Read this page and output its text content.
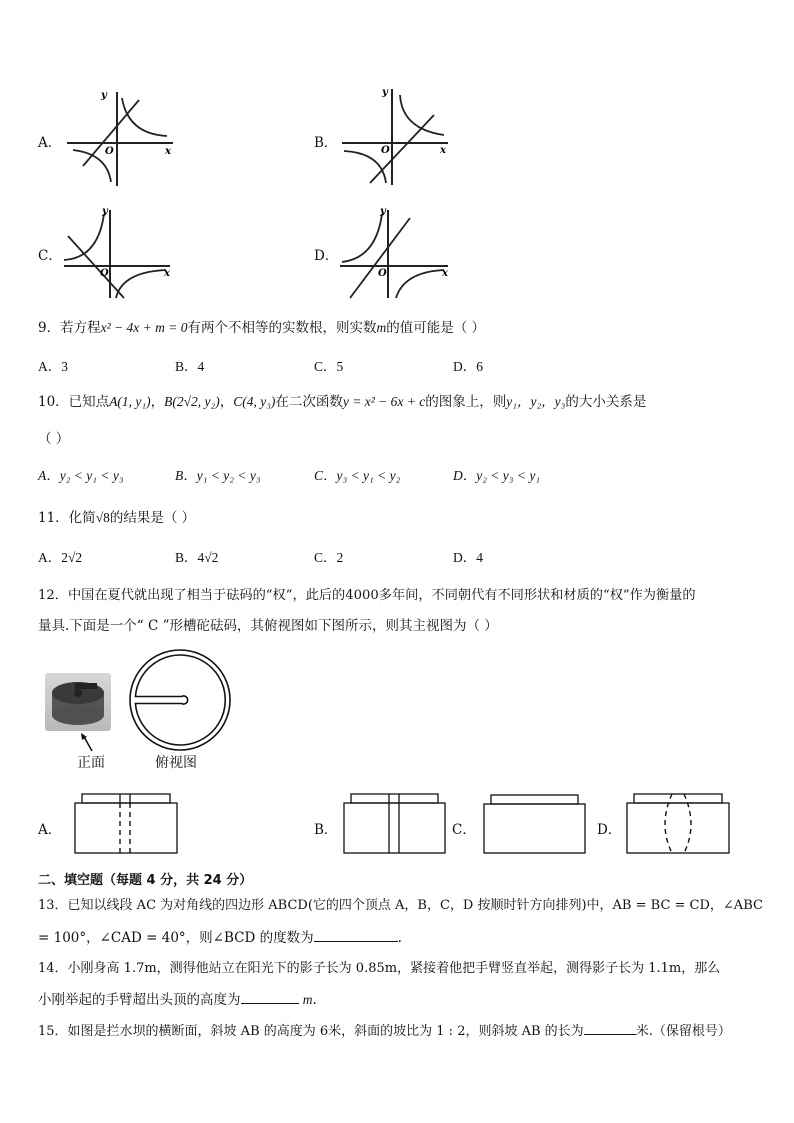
A．
y
x
O
B．
y
x
O
C．
y
x
O
D．
y
x
O
9．若方程x² − 4x + m = 0有两个不相等的实数根，则实数m的值可能是（ ）
A．3	B．4	C．5	D．6
10．已知点A(1, y₁)，B(2√2, y₂)，C(4, y₃)在二次函数y = x² − 6x + c的图象上，则y₁，y₂，y₃的大小关系是
（ ）
A．y₂ < y₁ < y₃	B．y₁ < y₂ < y₃	C．y₃ < y₁ < y₂	D．y₂ < y₃ < y₁
11．化简√8的结果是（ ）
A．2√2	B．4√2	C．2	D．4
12．中国在夏代就出现了相当于砝码的“权”，此后的4000多年间，不同朝代有不同形状和材质的“权”作为衡量的
量具.下面是一个“ C ”形槽砣砝码，其俯视图如下图所示，则其主视图为（ ）
正面	俯视图
A．	B．	C．	D．
二、填空题（每题 4 分，共 24 分）
13．已知以线段 AC 为对角线的四边形 ABCD(它的四个顶点 A，B，C，D 按顺时针方向排列)中，AB = BC = CD，∠ABC
= 100°，∠CAD = 40°，则∠BCD 的度数为	.
14．小刚身高 1.7m，测得他站立在阳光下的影子长为 0.85m，紧接着他把手臂竖直举起，测得影子长为 1.1m，那么
小刚举起的手臂超出头顶的高度为	m.
15．如图是拦水坝的横断面，斜坡 AB 的高度为 6米，斜面的坡比为 1 : 2，则斜坡 AB 的长为	米.（保留根号）
